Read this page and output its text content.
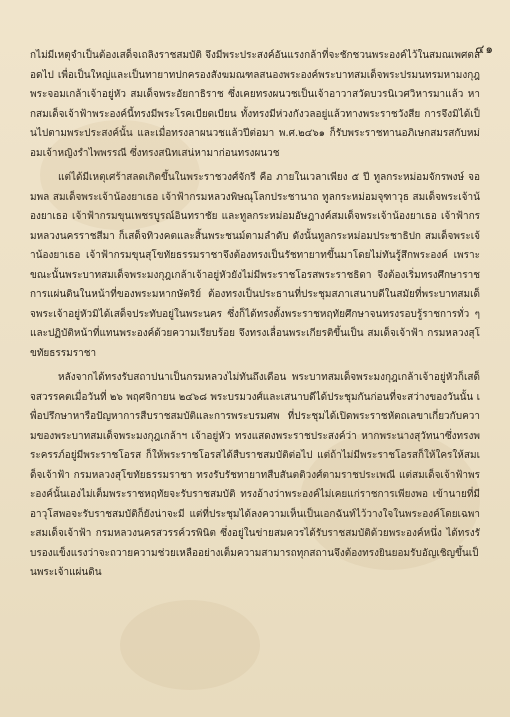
๔๑

กไม่มีเหตุจำเป็นต้องเสด็จเถลิงราชสมบัติ จึงมีพระประสงค์อันแรงกล้าที่จะชักชวนพระองค์ไว้ในสมณเพศตลอดไป เพื่อเป็นใหญ่และเป็นทายาทปกครองสังฆมณฑลสนองพระองค์พระบาทสมเด็จพระปรมนทรมหามงกุฎ พระจอมเกล้าเจ้าอยู่หัว สมเด็จพระอัยกาธิราช ซึ่งเคยทรงผนวชเป็นเจ้าอาวาสวัดบวรนิเวศวิหารมาแล้ว หากสมเด็จเจ้าฟ้าพระองค์นี้ทรงมีพระโรคเบียดเบียน ทั้งทรงมีห่วงกังวลอยู่แล้วทางพระราชวังสีย การจึงมิได้เป็นไปตามพระประสงค์นั้น และเมื่อทรงลาผนวชแล้วปีต่อมา พ.ศ.๒๔๖๑ ก็รับพระราชทานอภิเษกสมรสกับหม่อมเจ้าหญิงรำไพพรรณี ซึ่งทรงสนิทเสน่หามาก่อนทรงผนวช

แต่ได้มีเหตุเศร้าสลดเกิดขึ้นในพระราชวงศ์จักรี คือ ภายในเวลาเพียง ๕ ปี ทูลกระหม่อมจักรพงษ์ จอมพล สมเด็จพระเจ้าน้องยาเธอ เจ้าฟ้ากรมหลวงพิษณุโลกประชานาถ ทูลกระหม่อมจุฑาวุธ สมเด็จพระเจ้าน้องยาเธอ เจ้าฟ้ากรมขุนเพชรบูรณ์อินทราชัย และทูลกระหม่อมอัษฎางค์สมเด็จพระเจ้าน้องยาเธอ เจ้าฟ้ากรมหลวงนครราชสีมา ก็เสด็จทิวงคตและสิ้นพระชนม์ตามลำดับ ดังนั้นทูลกระหม่อมประชาธิปก สมเด็จพระเจ้าน้องยาเธอ เจ้าฟ้ากรมขุนสุโขทัยธรรมราชาจึงต้องทรงเป็นรัชทายาทขึ้นมาโดยไม่ทันรู้สึกพระองค์ เพราะขณะนั้นพระบาทสมเด็จพระมงกุฎเกล้าเจ้าอยู่หัวยังไม่มีพระราชโอรสพระราชธิดา จึงต้องเริ่มทรงศึกษาราชการแผ่นดินในหน้าที่ของพระมหากษัตริย์ ต้องทรงเป็นประธานที่ประชุมสภาเสนาบดีในสมัยที่พระบาทสมเด็จพระเจ้าอยู่หัวมิได้เสด็จประทับอยู่ในพระนคร ซึ่งก็ได้ทรงตั้งพระราชหฤทัยศึกษาจนทรงรอบรู้ราชการทั่ว ๆ และปฏิบัติหน้าที่แทนพระองค์ด้วยความเรียบร้อย จึงทรงเลื่อนพระเกียรติขึ้นเป็น สมเด็จเจ้าฟ้า กรมหลวงสุโขทัยธรรมราชา

หลังจากได้ทรงรับสถาปนาเป็นกรมหลวงไม่ทันถึงเดือน พระบาทสมเด็จพระมงกุฎเกล้าเจ้าอยู่หัวก็เสด็จสวรรคตเมื่อวันที่ ๒๖ พฤศจิกายน ๒๔๖๘ พระบรมวงศ์และเสนาบดีได้ประชุมกันก่อนที่จะสว่างของวันนั้น เพื่อปรึกษาหารือปัญหาการสืบราชสมบัติและการพระบรมศพ ที่ประชุมได้เปิดพระราชหัตถเลขาเกี่ยวกับความของพระบาทสมเด็จพระมงกุฎเกล้าฯ เจ้าอยู่หัว ทรงแสดงพระราชประสงค์ว่า หากพระนางสุวัทนาซึ่งทรงพระครรภ์อยู่มีพระราชโอรส ก็ให้พระราชโอรสได้สืบราชสมบัติต่อไป แต่ถ้าไม่มีพระราชโอรสก็ให้ใครให้สมเด็จเจ้าฟ้า กรมหลวงสุโขทัยธรรมราชา ทรงรับรัชทายาทสืบสันตติวงศ์ตามราชประเพณี แต่สมเด็จเจ้าฟ้าพระองค์นั้นเองไม่เต็มพระราชหฤทัยจะรับราชสมบัติ ทรงอ้างว่าพระองค์ไม่เคยแก่ราชการเพียงพอ เข้านายที่มีอาวุโสพอจะรับราชสมบัติก็ยังน่าจะมี แต่ที่ประชุมได้ลงความเห็นเป็นเอกฉันท์ไว้วางใจในพระองค์โดยเฉพาะสมเด็จเจ้าฟ้า กรมหลวงนครสวรรค์วรพินิต ซึ่งอยู่ในข่ายสมควรได้รับราชสมบัติด้วยพระองค์หนึ่ง ได้ทรงรับรองแข็งแรงว่าจะถวายความช่วยเหลืออย่างเต็มความสามารถทุกสถานจึงต้องทรงยินยอมรับอัญเชิญขึ้นเป็นพระเจ้าแผ่นดิน
